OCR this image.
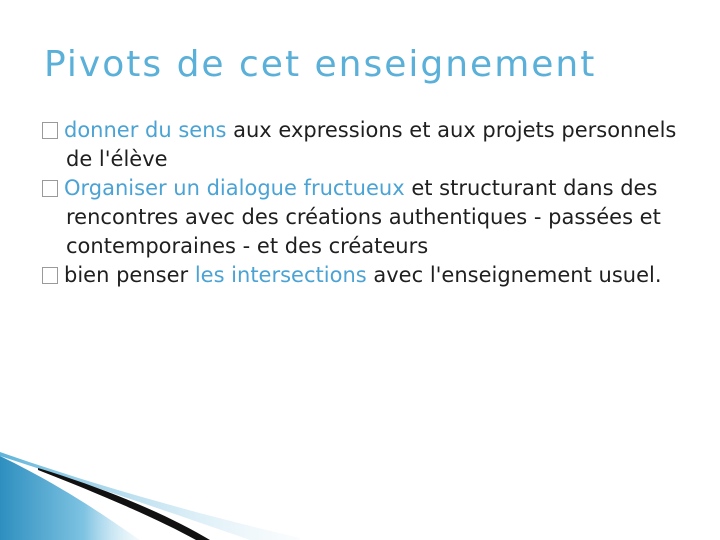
Pivots de cet enseignement

donner du sens aux expressions et aux projets personnels de l'élève

Organiser un dialogue fructueux et structurant dans des rencontres avec des créations authentiques - passées et contemporaines - et des créateurs

bien penser les intersections avec l'enseignement usuel.
